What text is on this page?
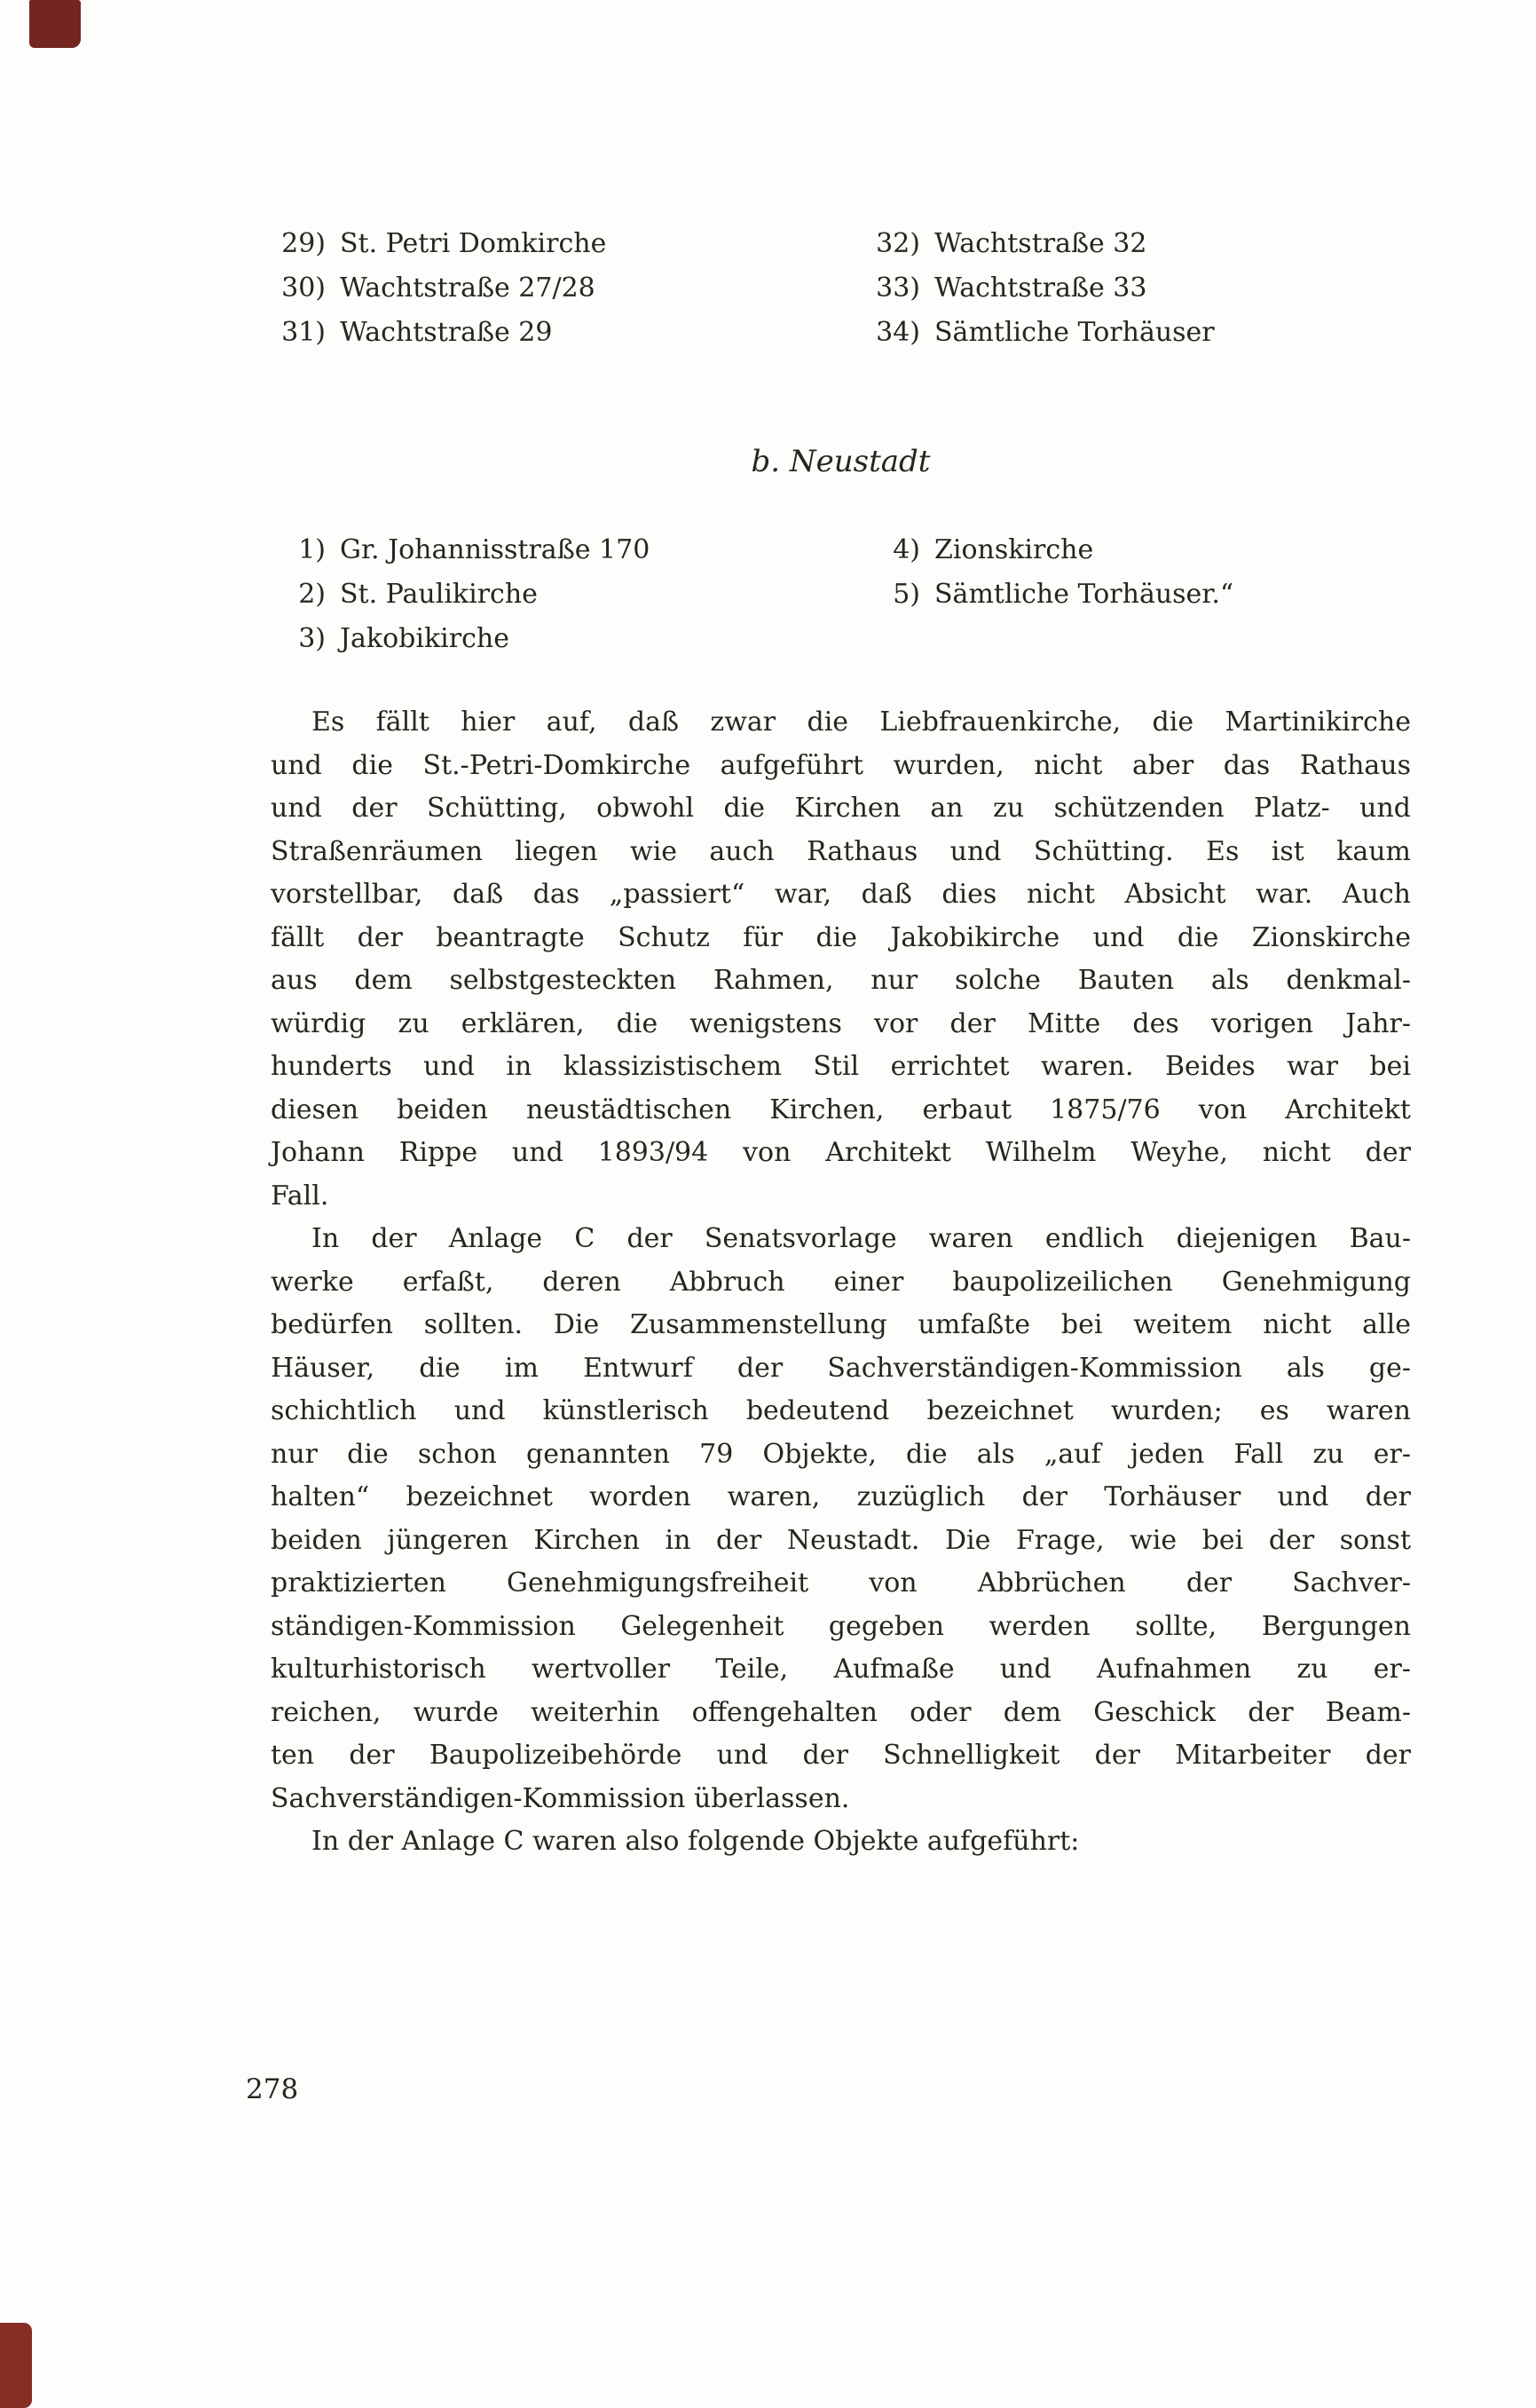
29) St. Petri Domkirche
30) Wachtstraße 27/28
31) Wachtstraße 29
32) Wachtstraße 32
33) Wachtstraße 33
34) Sämtliche Torhäuser
b. Neustadt
1) Gr. Johannisstraße 170
2) St. Paulikirche
3) Jakobikirche
4) Zionskirche
5) Sämtliche Torhäuser.“
Es fällt hier auf, daß zwar die Liebfrauenkirche, die Martinikirche
und die St.-Petri-Domkirche aufgeführt wurden, nicht aber das Rathaus
und der Schütting, obwohl die Kirchen an zu schützenden Platz- und
Straßenräumen liegen wie auch Rathaus und Schütting. Es ist kaum
vorstellbar, daß das „passiert“ war, daß dies nicht Absicht war. Auch
fällt der beantragte Schutz für die Jakobikirche und die Zionskirche
aus dem selbstgesteckten Rahmen, nur solche Bauten als denkmal-
würdig zu erklären, die wenigstens vor der Mitte des vorigen Jahr-
hunderts und in klassizistischem Stil errichtet waren. Beides war bei
diesen beiden neustädtischen Kirchen, erbaut 1875/76 von Architekt
Johann Rippe und 1893/94 von Architekt Wilhelm Weyhe, nicht der
Fall.
In der Anlage C der Senatsvorlage waren endlich diejenigen Bau-
werke erfaßt, deren Abbruch einer baupolizeilichen Genehmigung
bedürfen sollten. Die Zusammenstellung umfaßte bei weitem nicht alle
Häuser, die im Entwurf der Sachverständigen-Kommission als ge-
schichtlich und künstlerisch bedeutend bezeichnet wurden; es waren
nur die schon genannten 79 Objekte, die als „auf jeden Fall zu er-
halten“ bezeichnet worden waren, zuzüglich der Torhäuser und der
beiden jüngeren Kirchen in der Neustadt. Die Frage, wie bei der sonst
praktizierten Genehmigungsfreiheit von Abbrüchen der Sachver-
ständigen-Kommission Gelegenheit gegeben werden sollte, Bergungen
kulturhistorisch wertvoller Teile, Aufmaße und Aufnahmen zu er-
reichen, wurde weiterhin offengehalten oder dem Geschick der Beam-
ten der Baupolizeibehörde und der Schnelligkeit der Mitarbeiter der
Sachverständigen-Kommission überlassen.
In der Anlage C waren also folgende Objekte aufgeführt:
278
